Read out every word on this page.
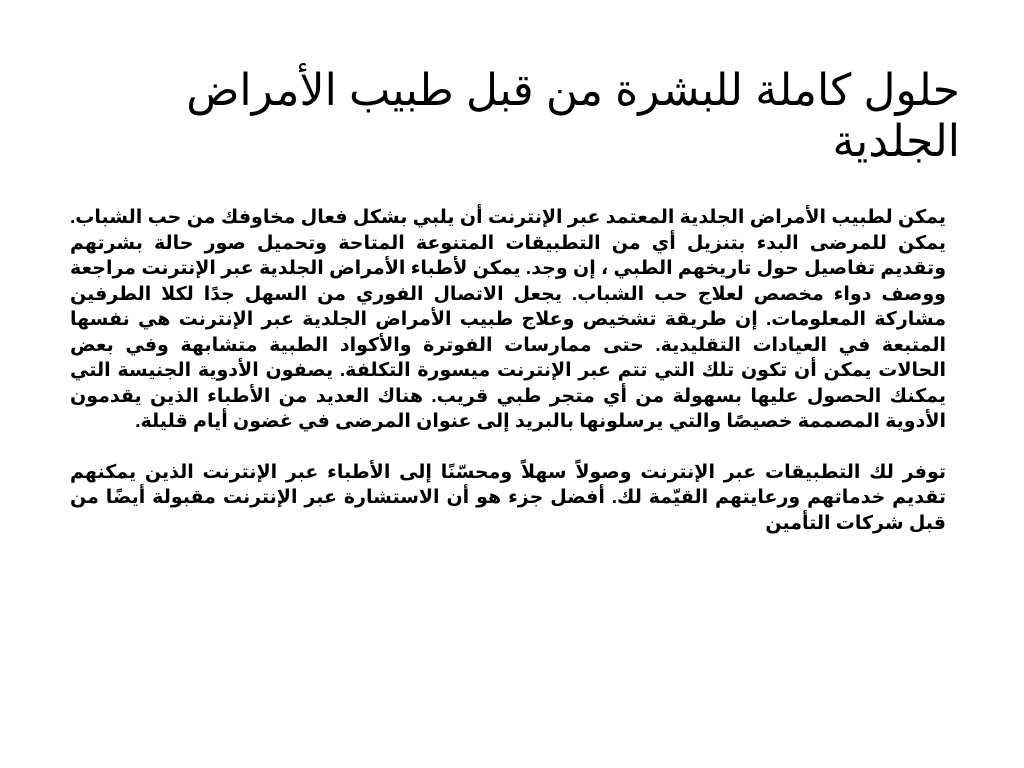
حلول كاملة للبشرة من قبل طبيب الأمراض الجلدية

يمكن لطبيب الأمراض الجلدية المعتمد عبر الإنترنت أن يلبي بشكل فعال مخاوفك من حب الشباب. يمكن للمرضى البدء بتنزيل أي من التطبيقات المتنوعة المتاحة وتحميل صور حالة بشرتهم وتقديم تفاصيل حول تاريخهم الطبي ، إن وجد. يمكن لأطباء الأمراض الجلدية عبر الإنترنت مراجعة ووصف دواء مخصص لعلاج حب الشباب. يجعل الاتصال الفوري من السهل جدًا لكلا الطرفين مشاركة المعلومات. إن طريقة تشخيص وعلاج طبيب الأمراض الجلدية عبر الإنترنت هي نفسها المتبعة في العيادات التقليدية. حتى ممارسات الفوترة والأكواد الطبية متشابهة وفي بعض الحالات يمكن أن تكون تلك التي تتم عبر الإنترنت ميسورة التكلفة. يصفون الأدوية الجنيسة التي يمكنك الحصول عليها بسهولة من أي متجر طبي قريب. هناك العديد من الأطباء الذين يقدمون الأدوية المصممة خصيصًا والتي يرسلونها بالبريد إلى عنوان المرضى في غضون أيام قليلة.

توفر لك التطبيقات عبر الإنترنت وصولاً سهلاً ومحسّنًا إلى الأطباء عبر الإنترنت الذين يمكنهم تقديم خدماتهم ورعايتهم القيّمة لك. أفضل جزء هو أن الاستشارة عبر الإنترنت مقبولة أيضًا من قبل شركات التأمين
